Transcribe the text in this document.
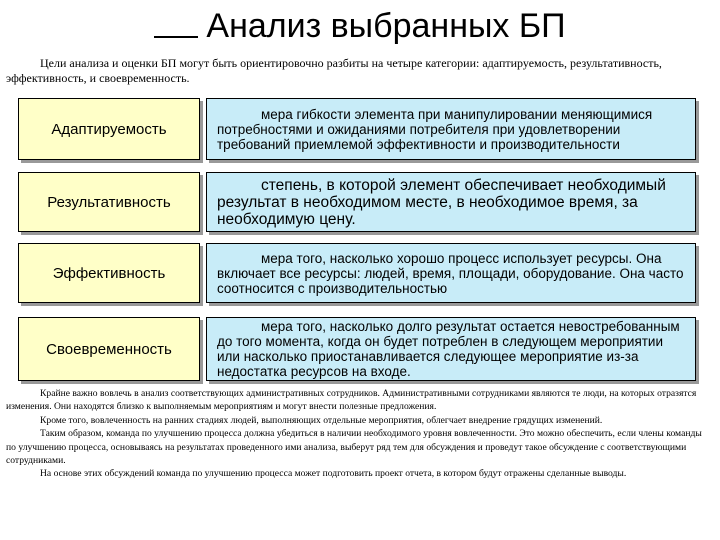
Анализ выбранных БП
Цели анализа и оценки БП могут быть ориентировочно разбиты на четыре категории: адаптируемость, результативность, эффективность, и своевременность.
Адаптируемость
мера гибкости элемента при манипулировании меняющимися потребностями и ожиданиями потребителя при удовлетворении требований приемлемой эффективности и производительности
Результативность
степень, в которой элемент обеспечивает необходимый результат в необходимом месте, в необходимое время, за необходимую цену.
Эффективность
мера того, насколько хорошо процесс использует ресурсы. Она включает все ресурсы: людей, время, площади, оборудование. Она часто соотносится с производительностью
Своевременность
мера того, насколько долго результат остается невостребованным до того момента, когда он будет потреблен в следующем мероприятии или насколько приостанавливается следующее мероприятие из-за недостатка ресурсов на входе.

Крайне важно вовлечь в анализ соответствующих административных сотрудников. Административными сотрудниками являются те люди, на которых отразятся изменения. Они находятся близко к выполняемым мероприятиям и могут внести полезные предложения.

Кроме того, вовлеченность на ранних стадиях людей, выполняющих отдельные мероприятия, облегчает внедрение грядущих изменений.

Таким образом, команда по улучшению процесса должна убедиться в наличии необходимого уровня вовлеченности. Это можно обеспечить, если члены команды по улучшению процесса, основываясь на результатах проведенного ими анализа, выберут ряд тем для обсуждения и проведут такое обсуждение с соответствующими сотрудниками.

На основе этих обсуждений команда по улучшению процесса может подготовить проект отчета, в котором будут отражены сделанные выводы.
